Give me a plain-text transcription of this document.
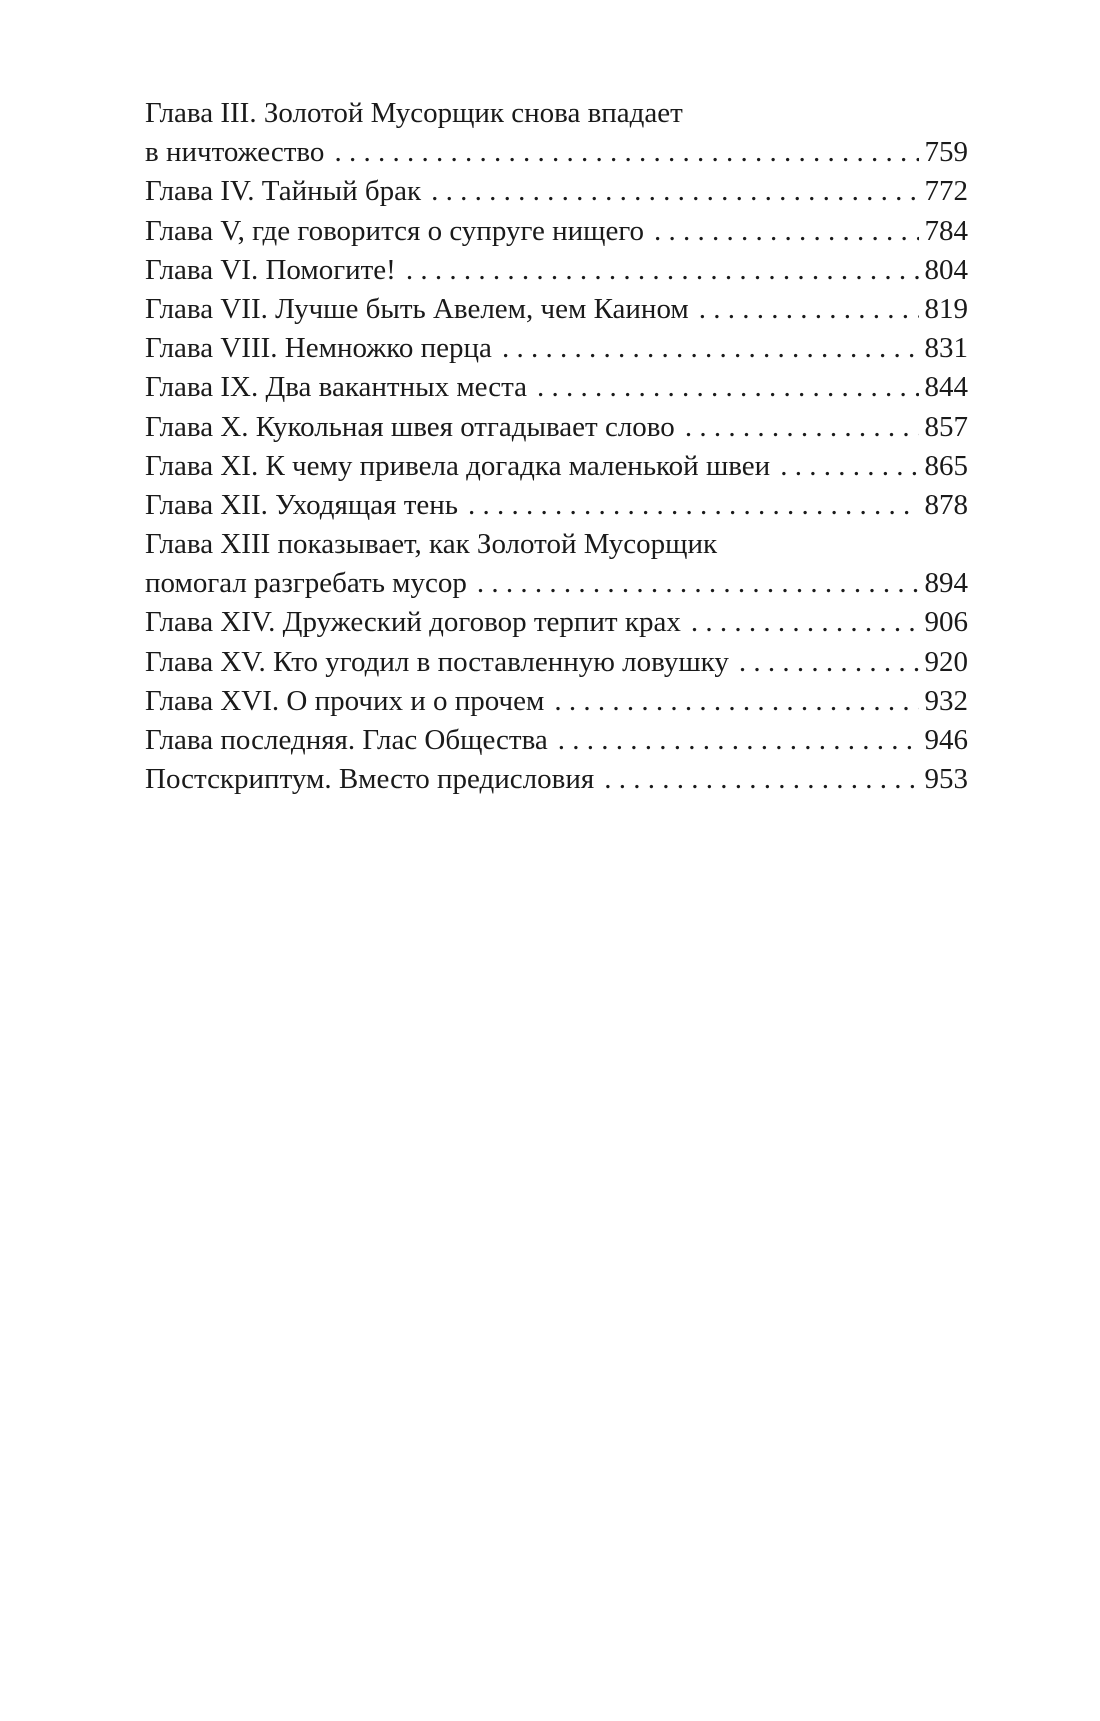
Глава III. Золотой Мусорщик снова впадает
в ничтожество . . .	759
Глава IV. Тайный брак . . .	772
Глава V, где говорится о супруге нищего . . .	784
Глава VI. Помогите! . . .	804
Глава VII. Лучше быть Авелем, чем Каином . . .	819
Глава VIII. Немножко перца . . .	831
Глава IX. Два вакантных места . . .	844
Глава X. Кукольная швея отгадывает слово . . .	857
Глава XI. К чему привела догадка маленькой швеи . . .	865
Глава XII. Уходящая тень . . .	878
Глава XIII показывает, как Золотой Мусорщик
помогал разгребать мусор . . .	894
Глава XIV. Дружеский договор терпит крах . . .	906
Глава XV. Кто угодил в поставленную ловушку . . .	920
Глава XVI. О прочих и о прочем . . .	932
Глава последняя. Глас Общества . . .	946
Постскриптум. Вместо предисловия . . .	953
